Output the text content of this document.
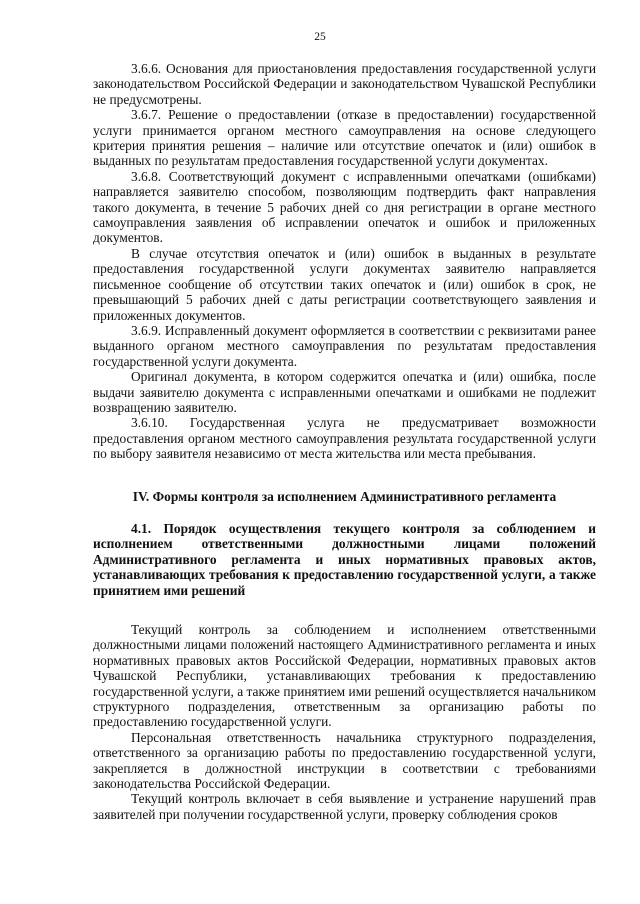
25

3.6.6. Основания для приостановления предоставления государственной услуги законодательством Российской Федерации и законодательством Чувашской Республики не предусмотрены.

3.6.7. Решение о предоставлении (отказе в предоставлении) государственной услуги принимается органом местного самоуправления на основе следующего критерия принятия решения – наличие или отсутствие опечаток и (или) ошибок в выданных по результатам предоставления государственной услуги документах.

3.6.8. Соответствующий документ с исправленными опечатками (ошибками) направляется заявителю способом, позволяющим подтвердить факт направления такого документа, в течение 5 рабочих дней со дня регистрации в органе местного самоуправления заявления об исправлении опечаток и ошибок и приложенных документов.

В случае отсутствия опечаток и (или) ошибок в выданных в результате предоставления государственной услуги документах заявителю направляется письменное сообщение об отсутствии таких опечаток и (или) ошибок в срок, не превышающий 5 рабочих дней с даты регистрации соответствующего заявления и приложенных документов.

3.6.9. Исправленный документ оформляется в соответствии с реквизитами ранее выданного органом местного самоуправления по результатам предоставления государственной услуги документа.

Оригинал документа, в котором содержится опечатка и (или) ошибка, после выдачи заявителю документа с исправленными опечатками и ошибками не подлежит возвращению заявителю.

3.6.10. Государственная услуга не предусматривает возможности предоставления органом местного самоуправления результата государственной услуги по выбору заявителя независимо от места жительства или места пребывания.

IV. Формы контроля за исполнением Административного регламента

4.1. Порядок осуществления текущего контроля за соблюдением и исполнением ответственными должностными лицами положений Административного регламента и иных нормативных правовых актов, устанавливающих требования к предоставлению государственной услуги, а также принятием ими решений

Текущий контроль за соблюдением и исполнением ответственными должностными лицами положений настоящего Административного регламента и иных нормативных правовых актов Российской Федерации, нормативных правовых актов Чувашской Республики, устанавливающих требования к предоставлению государственной услуги, а также принятием ими решений осуществляется начальником структурного подразделения, ответственным за организацию работы по предоставлению государственной услуги.

Персональная ответственность начальника структурного подразделения, ответственного за организацию работы по предоставлению государственной услуги, закрепляется в должностной инструкции в соответствии с требованиями законодательства Российской Федерации.

Текущий контроль включает в себя выявление и устранение нарушений прав заявителей при получении государственной услуги, проверку соблюдения сроков
